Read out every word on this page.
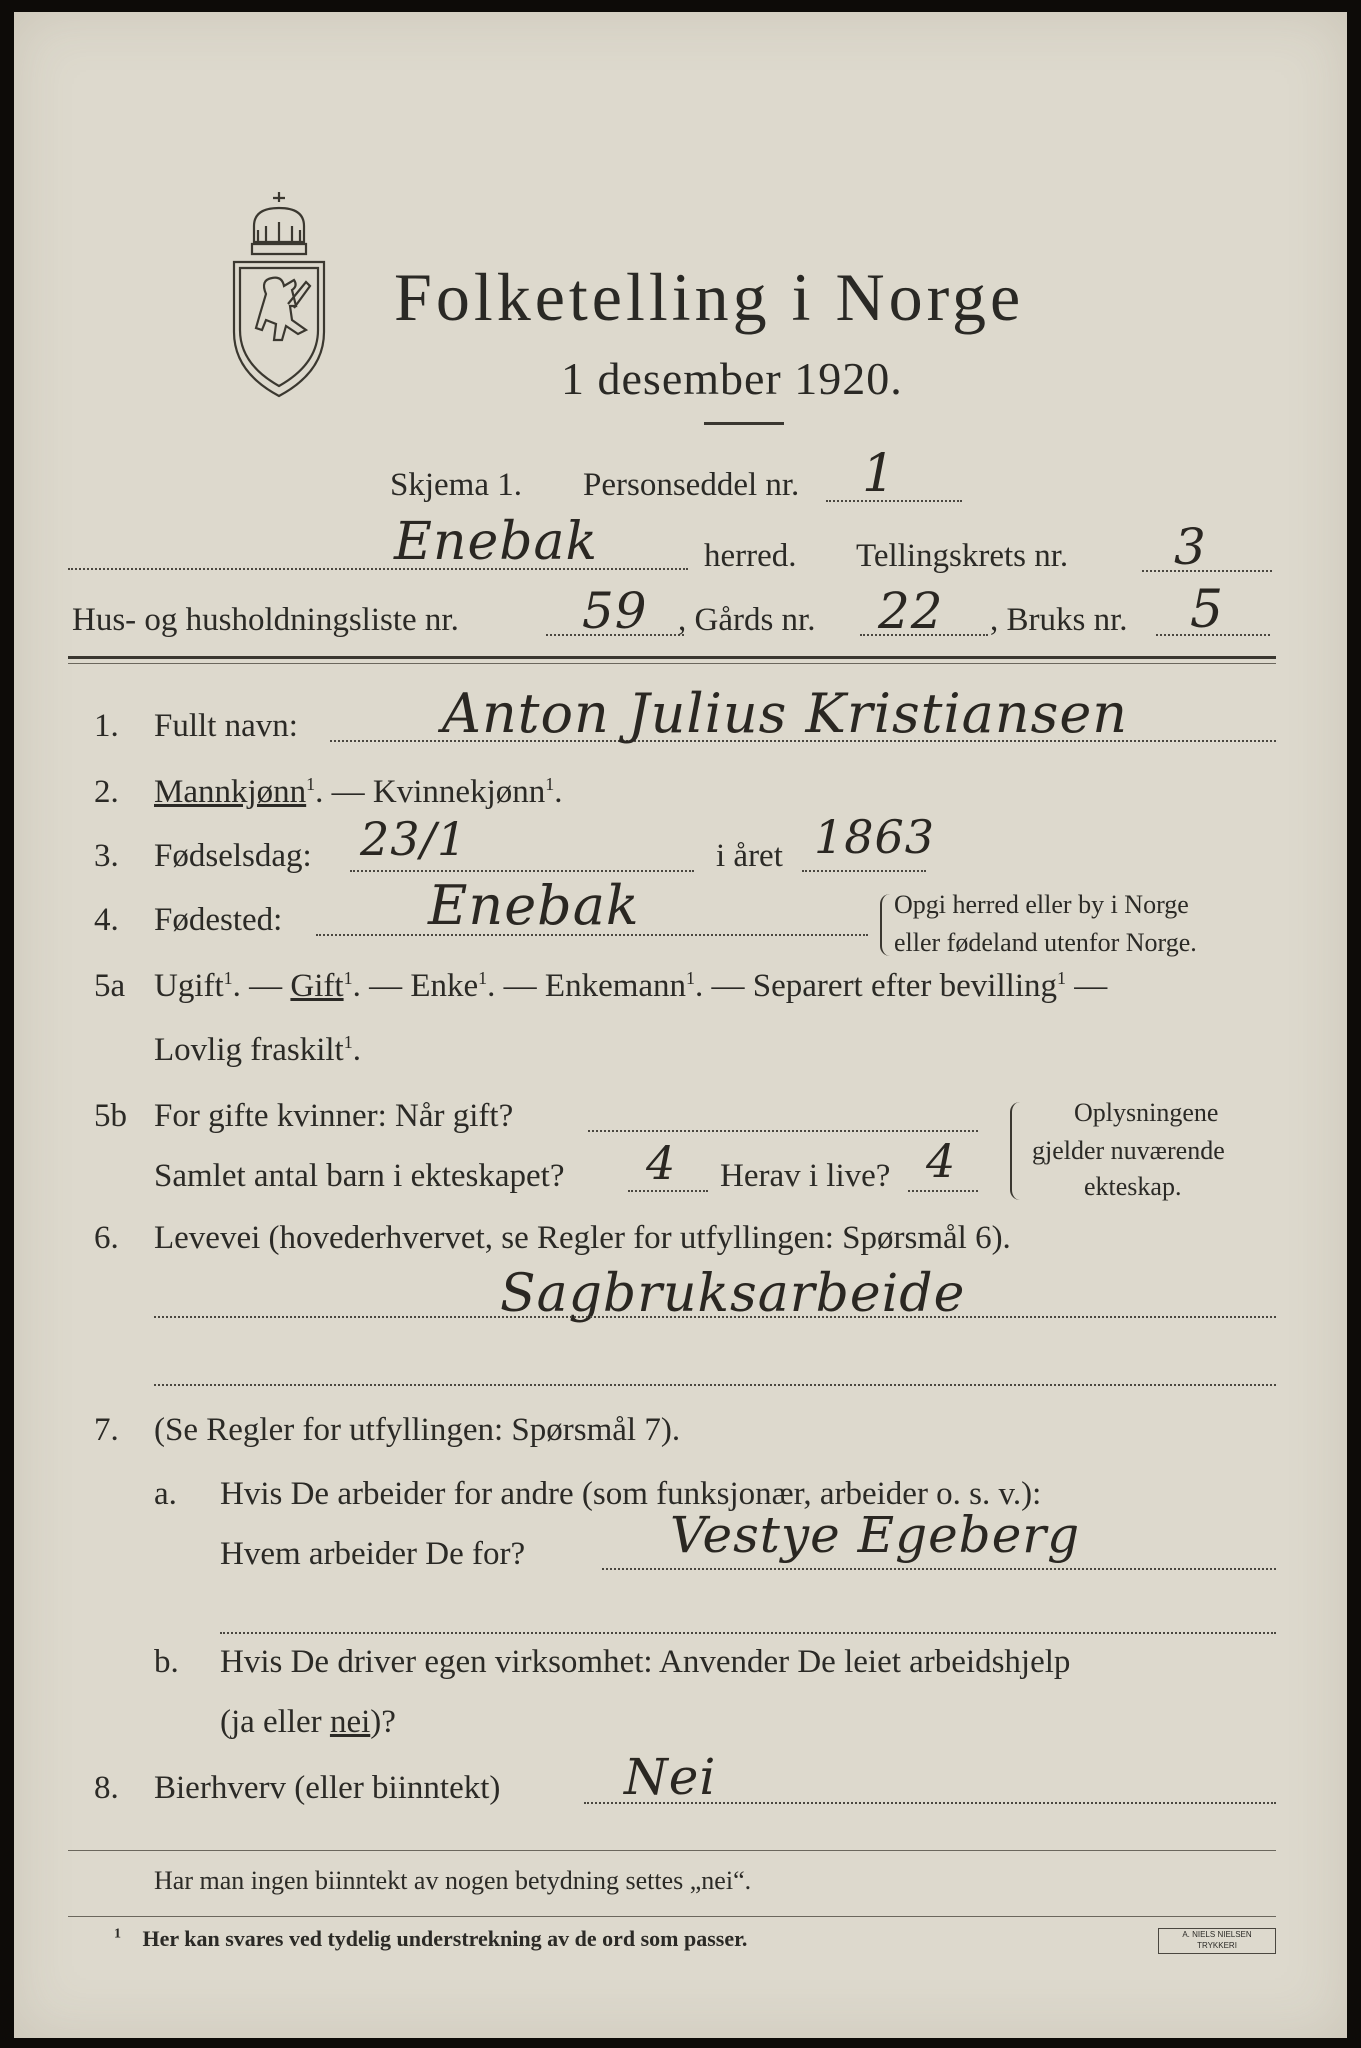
Folketelling i Norge
1 desember 1920.
Skjema 1. Personseddel nr. 1
Enebak	herred. Tellingskrets nr. 3
Hus- og husholdningsliste nr. 59 , Gårds nr. 22 , Bruks nr. 5
1. Fullt navn:	Anton Julius Kristiansen
2. Mannkjønn$^1$. — Kvinnekjønn$^1$.
3. Fødselsdag: 23/1	i året 1863
4. Fødested:	Enebak	Opgi herred eller by i Norge
eller fødeland utenfor Norge.
5a Ugift$^1$. — Gift$^1$. — Enke$^1$. — Enkemann$^1$. — Separert efter bevilling$^1$ —
Lovlig fraskilt$^1$.
5b For gifte kvinner: Når gift?
Samlet antal barn i ekteskapet? 4 Herav i live? 4
Oplysningene
gjelder nuværende
ekteskap.
6. Levevei (hovederhvervet, se Regler for utfyllingen: Spørsmål 6).
Sagbruksarbeide
7. (Se Regler for utfyllingen: Spørsmål 7).
a. Hvis De arbeider for andre (som funksjonær, arbeider o. s. v.):
Hvem arbeider De for?	Vestye Egeberg
b. Hvis De driver egen virksomhet: Anvender De leiet arbeidshjelp
(ja eller nei)?
8. Bierhverv (eller biinntekt) Nei
Har man ingen biinntekt av nogen betydning settes „nei“.
$^1$ Her kan svares ved tydelig understrekning av de ord som passer.	A. NIELS NIELSEN
TRYKKERI
